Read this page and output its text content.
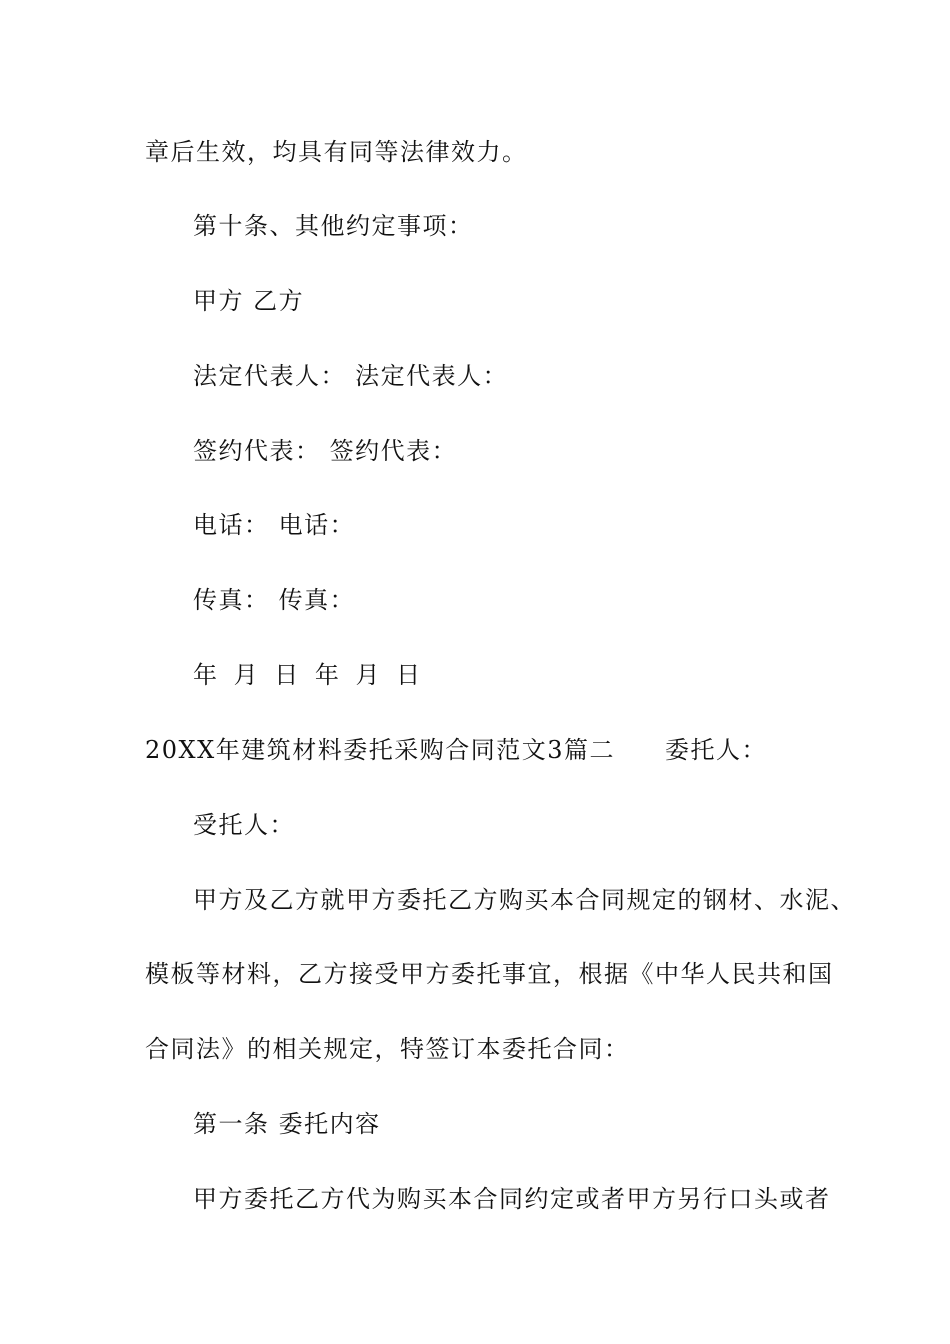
章后生效，均具有同等法律效力。
第十条、其他约定事项：
甲方 乙方
法定代表人： 法定代表人：
签约代表： 签约代表：
电话： 电话：
传真： 传真：
年 月 日 年 月 日
20XX年建筑材料委托采购合同范文3篇二 委托人：
受托人：
甲方及乙方就甲方委托乙方购买本合同规定的钢材、水泥、
模板等材料，乙方接受甲方委托事宜，根据《中华人民共和国
合同法》的相关规定，特签订本委托合同：
第一条 委托内容
甲方委托乙方代为购买本合同约定或者甲方另行口头或者
